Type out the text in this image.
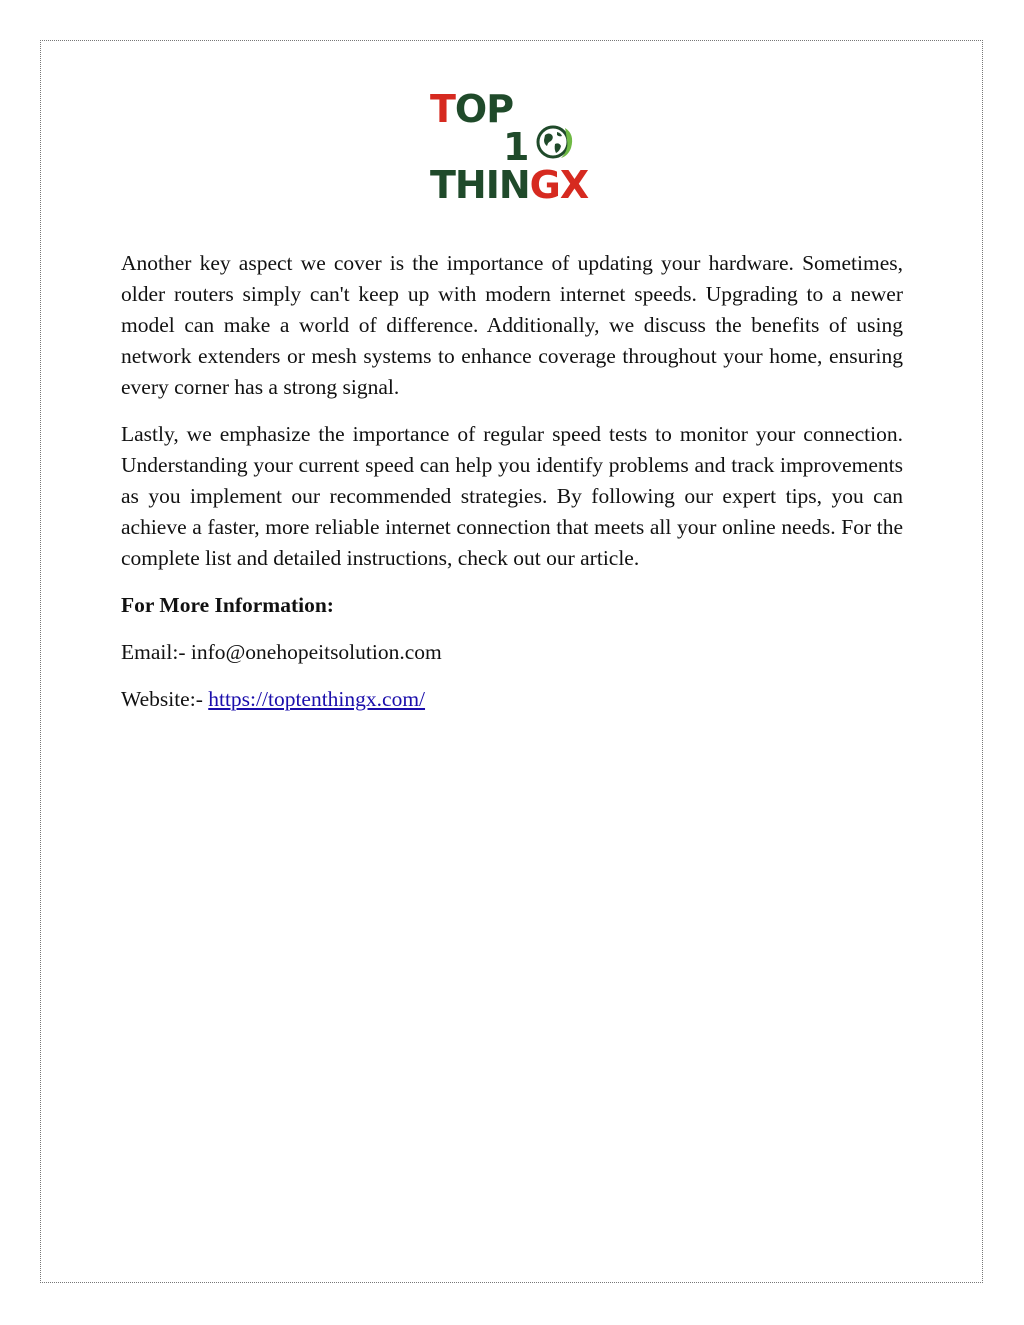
TOP
1
THINGX

Another key aspect we cover is the importance of updating your hardware. Sometimes, older routers simply can't keep up with modern internet speeds. Upgrading to a newer model can make a world of difference. Additionally, we discuss the benefits of using network extenders or mesh systems to enhance coverage throughout your home, ensuring every corner has a strong signal.

Lastly, we emphasize the importance of regular speed tests to monitor your connection. Understanding your current speed can help you identify problems and track improvements as you implement our recommended strategies. By following our expert tips, you can achieve a faster, more reliable internet connection that meets all your online needs. For the complete list and detailed instructions, check out our article.

For More Information:

Email:- info@onehopeitsolution.com

Website:- https://toptenthingx.com/
